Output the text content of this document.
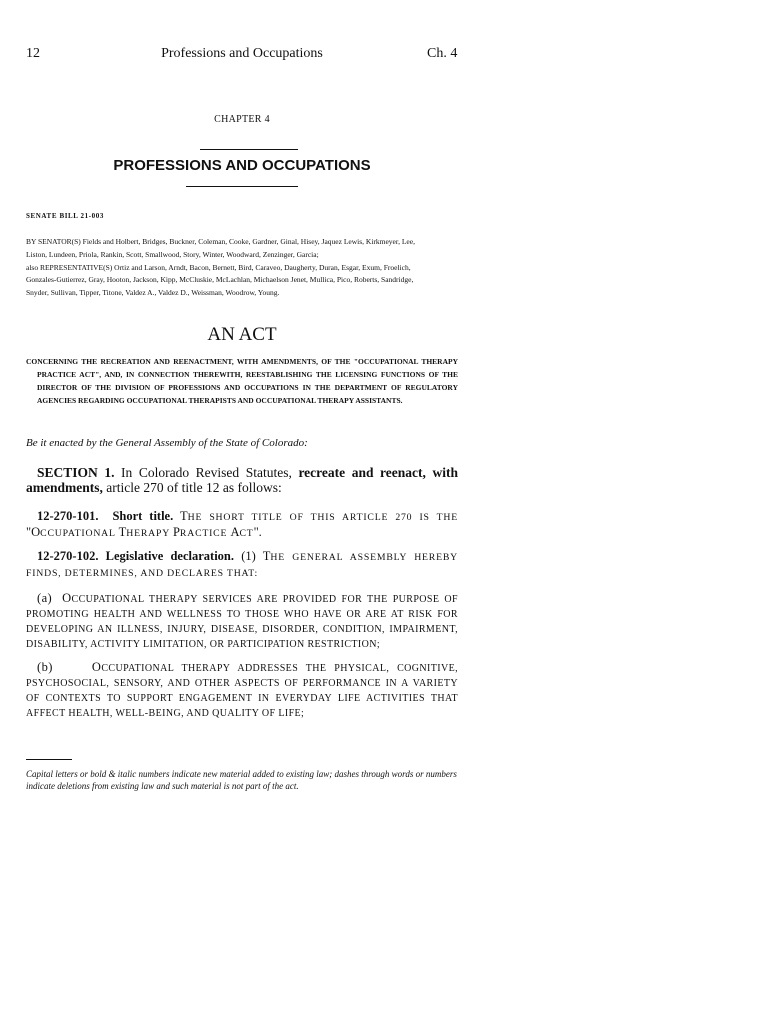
12	Professions and Occupations	Ch. 4
CHAPTER 4
PROFESSIONS AND OCCUPATIONS
SENATE BILL 21-003
BY SENATOR(S) Fields and Holbert, Bridges, Buckner, Coleman, Cooke, Gardner, Ginal, Hisey, Jaquez Lewis, Kirkmeyer, Lee,
Liston, Lundeen, Priola, Rankin, Scott, Smallwood, Story, Winter, Woodward, Zenzinger, Garcia;
also REPRESENTATIVE(S) Ortiz and Larson, Arndt, Bacon, Bernett, Bird, Caraveo, Daugherty, Duran, Esgar, Exum, Froelich,
Gonzales-Gutierrez, Gray, Hooton, Jackson, Kipp, McCluskie, McLachlan, Michaelson Jenet, Mullica, Pico, Roberts, Sandridge,
Snyder, Sullivan, Tipper, Titone, Valdez A., Valdez D., Weissman, Woodrow, Young.
AN ACT
CONCERNING THE RECREATION AND REENACTMENT, WITH AMENDMENTS, OF THE "OCCUPATIONAL THERAPY PRACTICE ACT", AND, IN CONNECTION THEREWITH, REESTABLISHING THE LICENSING FUNCTIONS OF THE DIRECTOR OF THE DIVISION OF PROFESSIONS AND OCCUPATIONS IN THE DEPARTMENT OF REGULATORY AGENCIES REGARDING OCCUPATIONAL THERAPISTS AND OCCUPATIONAL THERAPY ASSISTANTS.
Be it enacted by the General Assembly of the State of Colorado:
SECTION 1. In Colorado Revised Statutes, recreate and reenact, with amendments, article 270 of title 12 as follows:
12-270-101. Short title. THE SHORT TITLE OF THIS ARTICLE 270 IS THE "OCCUPATIONAL THERAPY PRACTICE ACT".
12-270-102. Legislative declaration. (1) THE GENERAL ASSEMBLY HEREBY FINDS, DETERMINES, AND DECLARES THAT:
(a) OCCUPATIONAL THERAPY SERVICES ARE PROVIDED FOR THE PURPOSE OF PROMOTING HEALTH AND WELLNESS TO THOSE WHO HAVE OR ARE AT RISK FOR DEVELOPING AN ILLNESS, INJURY, DISEASE, DISORDER, CONDITION, IMPAIRMENT, DISABILITY, ACTIVITY LIMITATION, OR PARTICIPATION RESTRICTION;
(b)	OCCUPATIONAL THERAPY ADDRESSES THE PHYSICAL, COGNITIVE, PSYCHOSOCIAL, SENSORY, AND OTHER ASPECTS OF PERFORMANCE IN A VARIETY OF CONTEXTS TO SUPPORT ENGAGEMENT IN EVERYDAY LIFE ACTIVITIES THAT AFFECT HEALTH, WELL-BEING, AND QUALITY OF LIFE;
Capital letters or bold & italic numbers indicate new material added to existing law; dashes through words or numbers indicate deletions from existing law and such material is not part of the act.
